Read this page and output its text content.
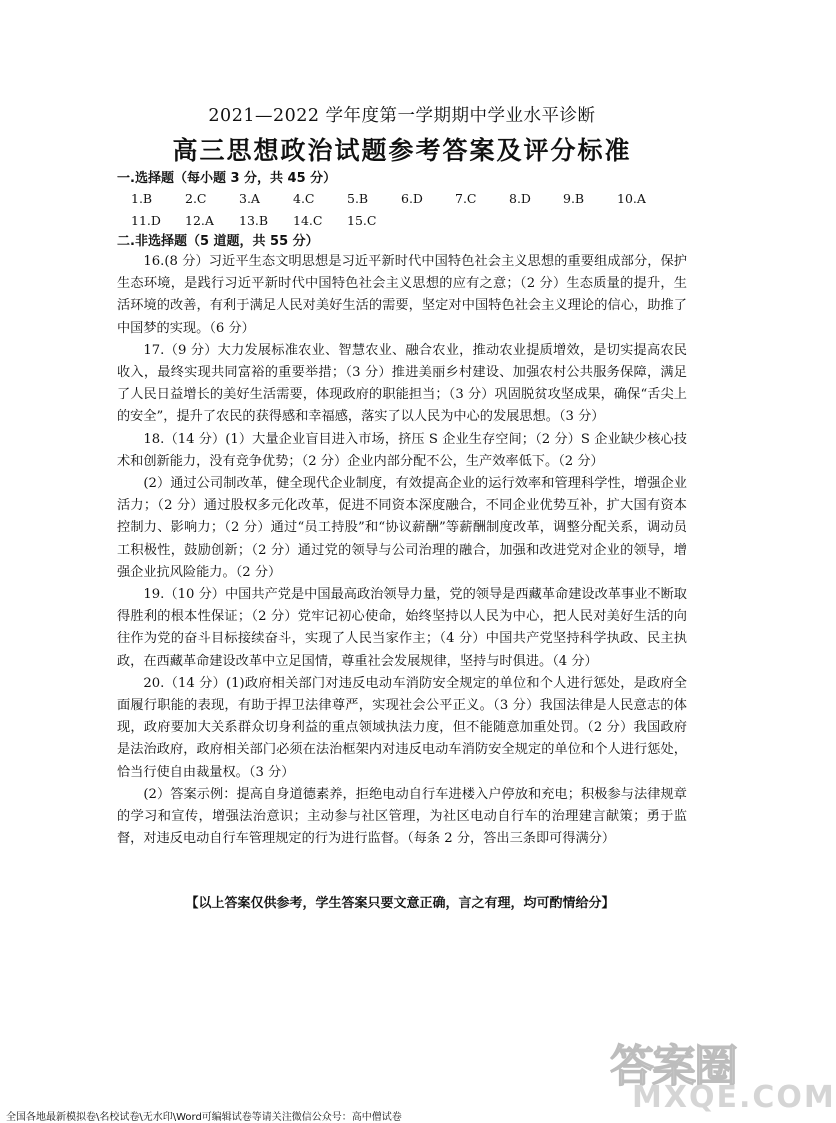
2021—2022 学年度第一学期期中学业水平诊断

高三思想政治试题参考答案及评分标准

一.选择题（每小题 3 分，共 45 分）

1.B	2.C	3.A	4.C	5.B	6.D	7.C	8.D	9.B	10.A
11.D	12.A	13.B	14.C	15.C

二.非选择题（5 道题，共 55 分）

16.(8 分）习近平生态文明思想是习近平新时代中国特色社会主义思想的重要组成部分，保护生态环境，是践行习近平新时代中国特色社会主义思想的应有之意；（2 分）生态质量的提升，生活环境的改善，有利于满足人民对美好生活的需要，坚定对中国特色社会主义理论的信心，助推了中国梦的实现。（6 分）

17.（9 分）大力发展标准农业、智慧农业、融合农业，推动农业提质增效，是切实提高农民收入，最终实现共同富裕的重要举措；（3 分）推进美丽乡村建设、加强农村公共服务保障，满足了人民日益增长的美好生活需要，体现政府的职能担当；（3 分）巩固脱贫攻坚成果，确保“舌尖上的安全”，提升了农民的获得感和幸福感，落实了以人民为中心的发展思想。（3 分）

18.（14 分）(1）大量企业盲目进入市场，挤压 S 企业生存空间；（2 分）S 企业缺少核心技术和创新能力，没有竞争优势；（2 分）企业内部分配不公，生产效率低下。（2 分）

(2）通过公司制改革，健全现代企业制度，有效提高企业的运行效率和管理科学性，增强企业活力；（2 分）通过股权多元化改革，促进不同资本深度融合，不同企业优势互补，扩大国有资本控制力、影响力；（2 分）通过“员工持股”和“协议薪酬”等薪酬制度改革，调整分配关系，调动员工积极性，鼓励创新；（2 分）通过党的领导与公司治理的融合，加强和改进党对企业的领导，增强企业抗风险能力。（2 分）

19.（10 分）中国共产党是中国最高政治领导力量，党的领导是西藏革命建设改革事业不断取得胜利的根本性保证；（2 分）党牢记初心使命，始终坚持以人民为中心，把人民对美好生活的向往作为党的奋斗目标接续奋斗，实现了人民当家作主；（4 分）中国共产党坚持科学执政、民主执政，在西藏革命建设改革中立足国情，尊重社会发展规律，坚持与时俱进。（4 分）

20.（14 分）(1)政府相关部门对违反电动车消防安全规定的单位和个人进行惩处，是政府全面履行职能的表现，有助于捍卫法律尊严，实现社会公平正义。（3 分）我国法律是人民意志的体现，政府要加大关系群众切身利益的重点领域执法力度，但不能随意加重处罚。（2 分）我国政府是法治政府，政府相关部门必须在法治框架内对违反电动车消防安全规定的单位和个人进行惩处，恰当行使自由裁量权。（3 分）

(2）答案示例：提高自身道德素养，拒绝电动自行车进楼入户停放和充电；积极参与法律规章的学习和宣传，增强法治意识；主动参与社区管理，为社区电动自行车的治理建言献策；勇于监督，对违反电动自行车管理规定的行为进行监督。（每条 2 分，答出三条即可得满分）

【以上答案仅供参考，学生答案只要文意正确，言之有理，均可酌情给分】
答案圈
MXQE.COM
全国各地最新模拟卷\名校试卷\无水印\Word可编辑试卷等请关注微信公众号：高中僧试卷
